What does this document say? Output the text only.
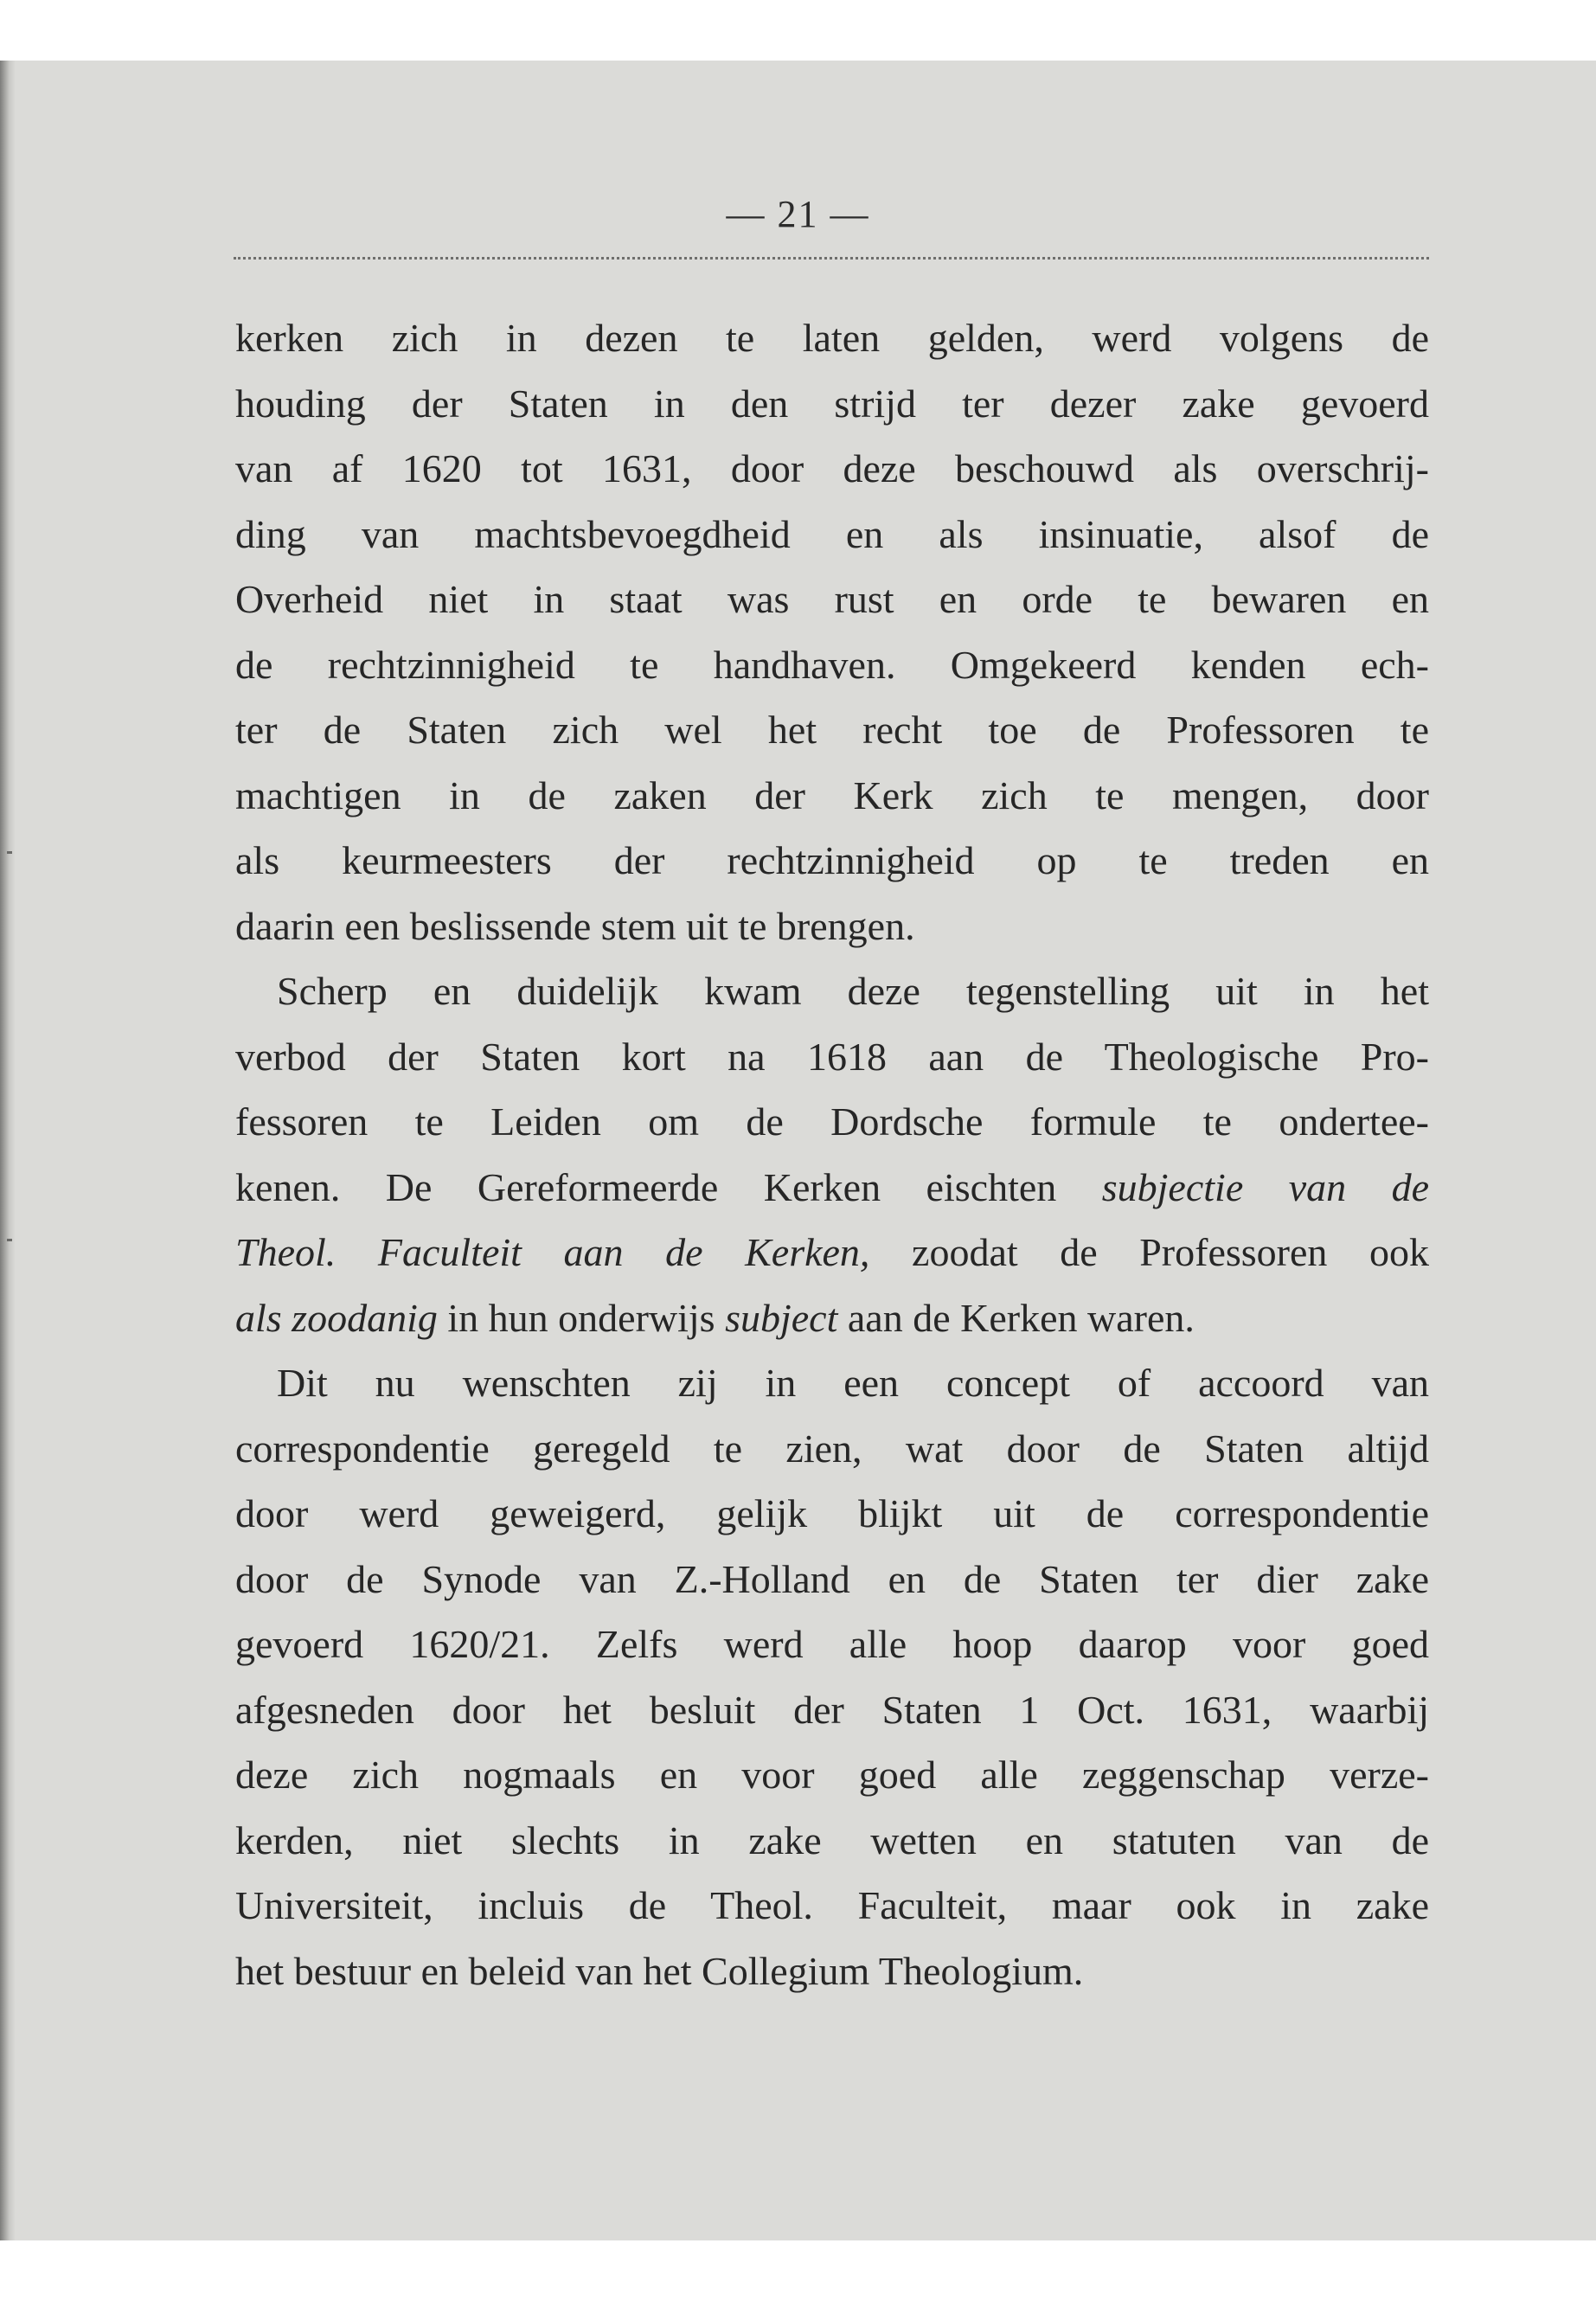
— 21 —
kerken zich in dezen te laten gelden, werd volgens de
houding der Staten in den strijd ter dezer zake gevoerd
van af 1620 tot 1631, door deze beschouwd als overschrij-
ding van machtsbevoegdheid en als insinuatie, alsof de
Overheid niet in staat was rust en orde te bewaren en
de rechtzinnigheid te handhaven. Omgekeerd kenden ech-
ter de Staten zich wel het recht toe de Professoren te
machtigen in de zaken der Kerk zich te mengen, door
als keurmeesters der rechtzinnigheid op te treden en
daarin een beslissende stem uit te brengen.
Scherp en duidelijk kwam deze tegenstelling uit in het
verbod der Staten kort na 1618 aan de Theologische Pro-
fessoren te Leiden om de Dordsche formule te onderteе-
kenen. De Gereformeerde Kerken eischten subjectie van de
Theol. Faculteit aan de Kerken, zoodat de Professoren ook
als zoodanig in hun onderwijs subject aan de Kerken waren.
Dit nu wenschten zij in een concept of accoord van
correspondentie geregeld te zien, wat door de Staten altijd
door werd geweigerd, gelijk blijkt uit de correspondentie
door de Synode van Z.-Holland en de Staten ter dier zake
gevoerd 1620/21. Zelfs werd alle hoop daarop voor goed
afgesneden door het besluit der Staten 1 Oct. 1631, waarbij
deze zich nogmaals en voor goed alle zeggenschap verze-
kerden, niet slechts in zake wetten en statuten van de
Universiteit, incluis de Theol. Faculteit, maar ook in zake
het bestuur en beleid van het Collegium Theologium.
